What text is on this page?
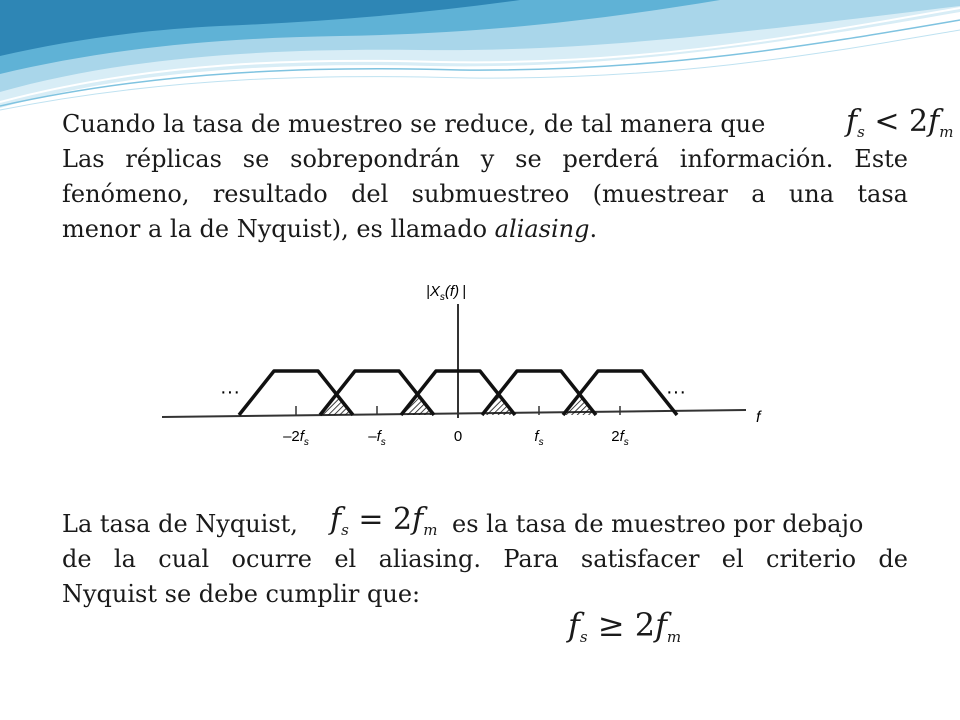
Cuando la tasa de muestreo se reduce, de tal manera que
Las réplicas se sobrepondrán y se perderá información. Este
fenómeno, resultado del submuestreo (muestrear a una tasa
menor a la de Nyquist), es llamado aliasing.
$f_s < 2f_m$
$-2f_s$	$-f_s$	0	$f_s$	$2f_s$
$|X_s(f)$ |
f
···	···
La tasa de Nyquist,	es la tasa de muestreo por debajo
de la cual ocurre el aliasing. Para satisfacer el criterio de
Nyquist se debe cumplir que:
$f_s = 2f_m$
$f_s \ge 2f_m$
